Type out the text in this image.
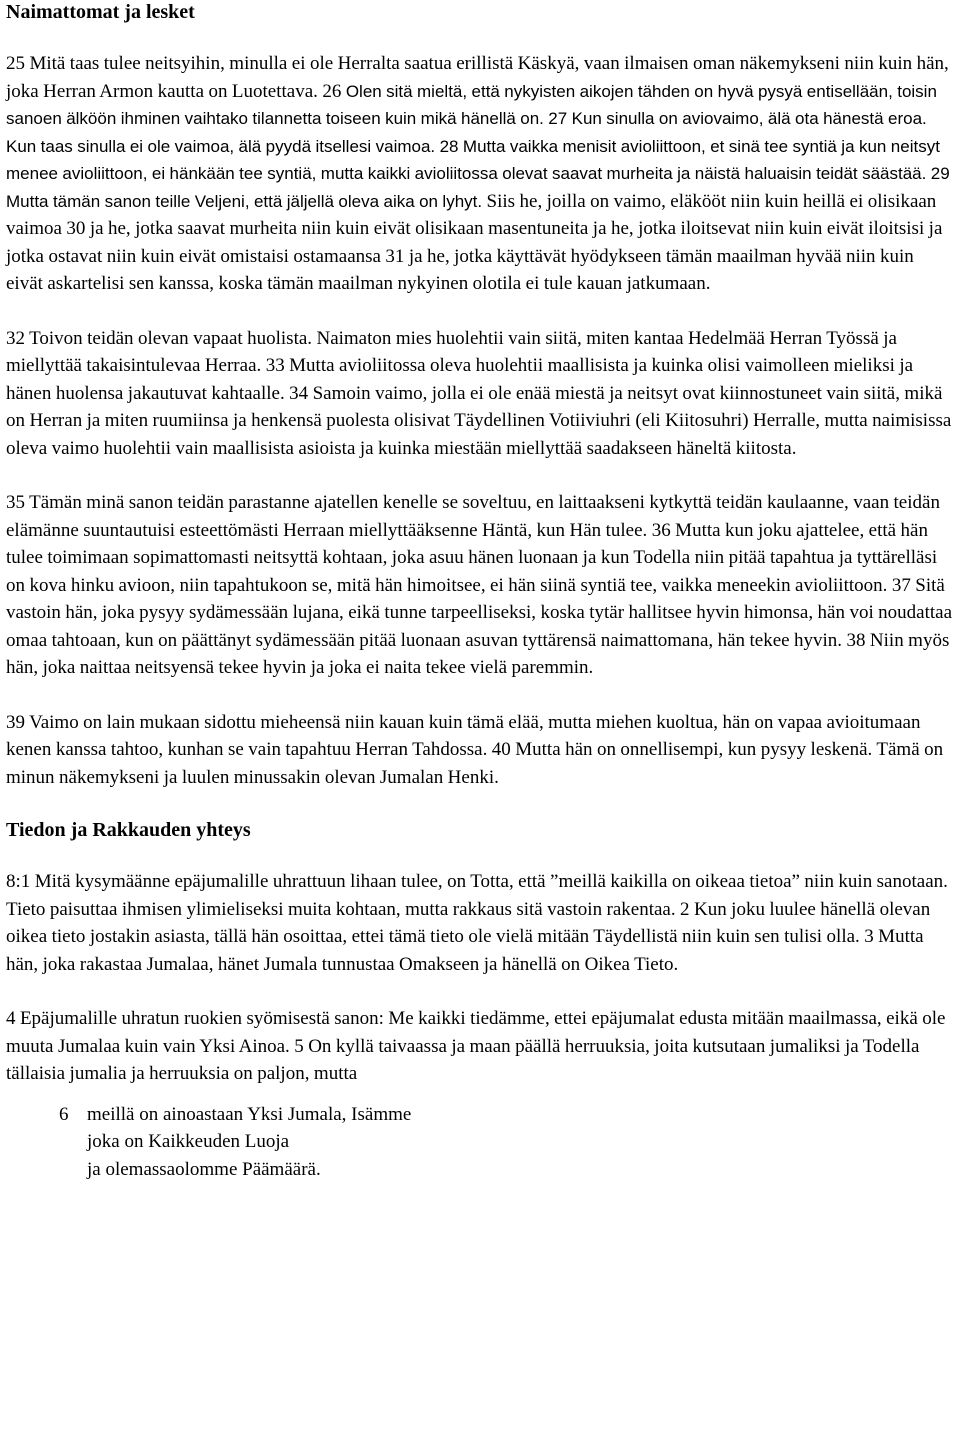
Naimattomat ja lesket

25 Mitä taas tulee neitsyihin, minulla ei ole Herralta saatua erillistä Käskyä, vaan ilmaisen oman näkemykseni niin kuin hän, joka Herran Armon kautta on Luotettava. 26 Olen sitä mieltä, että nykyisten aikojen tähden on hyvä pysyä entisellään, toisin sanoen älköön ihminen vaihtako tilannetta toiseen kuin mikä hänellä on. 27 Kun sinulla on aviovaimo, älä ota hänestä eroa. Kun taas sinulla ei ole vaimoa, älä pyydä itsellesi vaimoa. 28 Mutta vaikka menisit avioliittoon, et sinä tee syntiä ja kun neitsyt menee avioliittoon, ei hänkään tee syntiä, mutta kaikki avioliitossa olevat saavat murheita ja näistä haluaisin teidät säästää. 29 Mutta tämän sanon teille Veljeni, että jäljellä oleva aika on lyhyt. Siis he, joilla on vaimo, eläkööt niin kuin heillä ei olisikaan vaimoa 30 ja he, jotka saavat murheita niin kuin eivät olisikaan masentuneita ja he, jotka iloitsevat niin kuin eivät iloitsisi ja jotka ostavat niin kuin eivät omistaisi ostamaansa 31 ja he, jotka käyttävät hyödykseen tämän maailman hyvää niin kuin eivät askartelisi sen kanssa, koska tämän maailman nykyinen olotila ei tule kauan jatkumaan.

32 Toivon teidän olevan vapaat huolista. Naimaton mies huolehtii vain siitä, miten kantaa Hedelmää Herran Työssä ja miellyttää takaisintulevaa Herraa. 33 Mutta avioliitossa oleva huolehtii maallisista ja kuinka olisi vaimolleen mieliksi ja hänen huolensa jakautuvat kahtaalle. 34 Samoin vaimo, jolla ei ole enää miestä ja neitsyt ovat kiinnostuneet vain siitä, mikä on Herran ja miten ruumiinsa ja henkensä puolesta olisivat Täydellinen Votiiviuhri (eli Kiitosuhri) Herralle, mutta naimisissa oleva vaimo huolehtii vain maallisista asioista ja kuinka miestään miellyttää saadakseen häneltä kiitosta.

35 Tämän minä sanon teidän parastanne ajatellen kenelle se soveltuu, en laittaakseni kytkyttä teidän kaulaanne, vaan teidän elämänne suuntautuisi esteettömästi Herraan miellyttääksenne Häntä, kun Hän tulee. 36 Mutta kun joku ajattelee, että hän tulee toimimaan sopimattomasti neitsyttä kohtaan, joka asuu hänen luonaan ja kun Todella niin pitää tapahtua ja tyttärelläsi on kova hinku avioon, niin tapahtukoon se, mitä hän himoitsee, ei hän siinä syntiä tee, vaikka meneekin avioliittoon. 37 Sitä vastoin hän, joka pysyy sydämessään lujana, eikä tunne tarpeelliseksi, koska tytär hallitsee hyvin himonsa, hän voi noudattaa omaa tahtoaan, kun on päättänyt sydämessään pitää luonaan asuvan tyttärensä naimattomana, hän tekee hyvin. 38 Niin myös hän, joka naittaa neitsyensä tekee hyvin ja joka ei naita tekee vielä paremmin.

39 Vaimo on lain mukaan sidottu mieheensä niin kauan kuin tämä elää, mutta miehen kuoltua, hän on vapaa avioitumaan kenen kanssa tahtoo, kunhan se vain tapahtuu Herran Tahdossa. 40 Mutta hän on onnellisempi, kun pysyy leskenä. Tämä on minun näkemykseni ja luulen minussakin olevan Jumalan Henki.

Tiedon ja Rakkauden yhteys

8:1 Mitä kysymäänne epäjumalille uhrattuun lihaan tulee, on Totta, että ”meillä kaikilla on oikeaa tietoa” niin kuin sanotaan. Tieto paisuttaa ihmisen ylimieliseksi muita kohtaan, mutta rakkaus sitä vastoin rakentaa. 2 Kun joku luulee hänellä olevan oikea tieto jostakin asiasta, tällä hän osoittaa, ettei tämä tieto ole vielä mitään Täydellistä niin kuin sen tulisi olla. 3 Mutta hän, joka rakastaa Jumalaa, hänet Jumala tunnustaa Omakseen ja hänellä on Oikea Tieto.

4 Epäjumalille uhratun ruokien syömisestä sanon: Me kaikki tiedämme, ettei epäjumalat edusta mitään maailmassa, eikä ole muuta Jumalaa kuin vain Yksi Ainoa. 5 On kyllä taivaassa ja maan päällä herruuksia, joita kutsutaan jumaliksi ja Todella tällaisia jumalia ja herruuksia on paljon, mutta

6 meillä on ainoastaan Yksi Jumala, Isämme
joka on Kaikkeuden Luoja
ja olemassaolomme Päämäärä.
